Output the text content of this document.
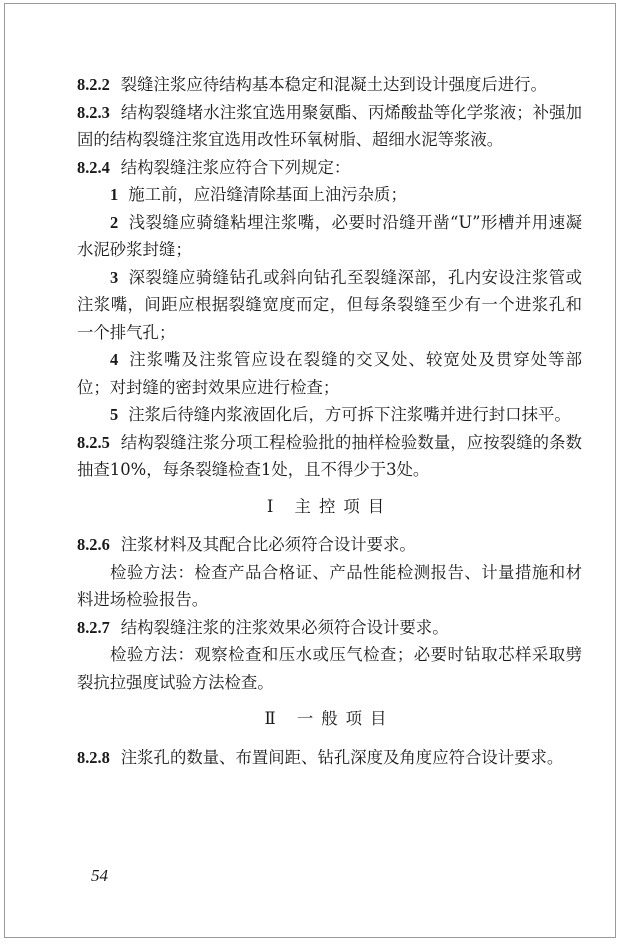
8.2.2 裂缝注浆应待结构基本稳定和混凝土达到设计强度后进行。

8.2.3 结构裂缝堵水注浆宜选用聚氨酯、丙烯酸盐等化学浆液；补强加固的结构裂缝注浆宜选用改性环氧树脂、超细水泥等浆液。

8.2.4 结构裂缝注浆应符合下列规定：

1 施工前，应沿缝清除基面上油污杂质；

2 浅裂缝应骑缝粘埋注浆嘴，必要时沿缝开凿“U”形槽并用速凝水泥砂浆封缝；

3 深裂缝应骑缝钻孔或斜向钻孔至裂缝深部，孔内安设注浆管或注浆嘴，间距应根据裂缝宽度而定，但每条裂缝至少有一个进浆孔和一个排气孔；

4 注浆嘴及注浆管应设在裂缝的交叉处、较宽处及贯穿处等部位；对封缝的密封效果应进行检查；

5 注浆后待缝内浆液固化后，方可拆下注浆嘴并进行封口抹平。

8.2.5 结构裂缝注浆分项工程检验批的抽样检验数量，应按裂缝的条数抽查10%，每条裂缝检查1处，且不得少于3处。

Ⅰ 主控项目

8.2.6 注浆材料及其配合比必须符合设计要求。

检验方法：检查产品合格证、产品性能检测报告、计量措施和材料进场检验报告。

8.2.7 结构裂缝注浆的注浆效果必须符合设计要求。

检验方法：观察检查和压水或压气检查；必要时钻取芯样采取劈裂抗拉强度试验方法检查。

Ⅱ 一般项目

8.2.8 注浆孔的数量、布置间距、钻孔深度及角度应符合设计要求。

54
